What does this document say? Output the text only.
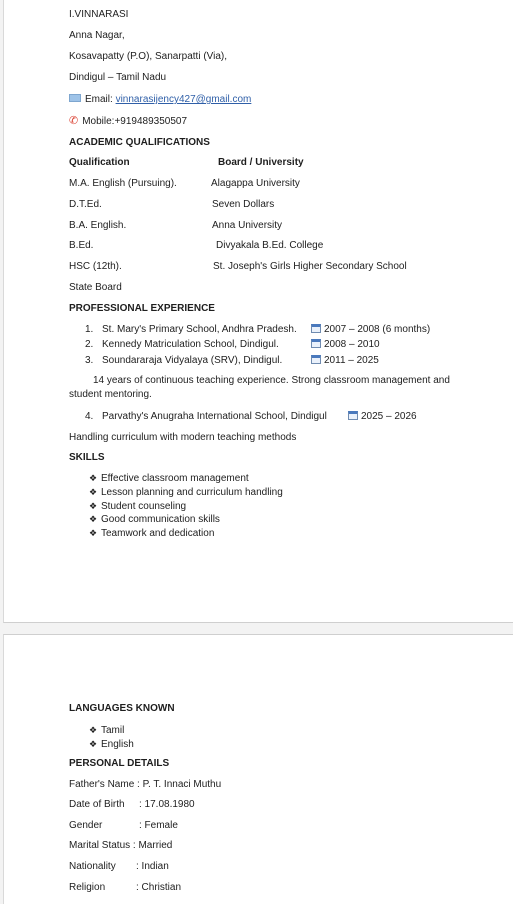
I.VINNARASI
Anna Nagar,
Kosavapatty (P.O), Sanarpatti (Via),
Dindigul – Tamil Nadu
Email: vinnarasijency427@gmail.com
✆ Mobile:+919489350507
ACADEMIC QUALIFICATIONS
Qualification	Board / University
M.A. English (Pursuing).	Alagappa University
D.T.Ed.	Seven Dollars
B.A. English.	Anna University
B.Ed.	Divyakala B.Ed. College
HSC (12th).	St. Joseph's Girls Higher Secondary School
State Board
PROFESSIONAL EXPERIENCE
1. St. Mary's Primary School, Andhra Pradesh.	2007 – 2008 (6 months)
2. Kennedy Matriculation School, Dindigul.	2008 – 2010
3. Soundararaja Vidyalaya (SRV), Dindigul.	2011 – 2025
14 years of continuous teaching experience. Strong classroom management and
student mentoring.
4. Parvathy's Anugraha International School, Dindigul	2025 – 2026
Handling curriculum with modern teaching methods
SKILLS
❖ Effective classroom management
❖ Lesson planning and curriculum handling
❖ Student counseling
❖ Good communication skills
❖ Teamwork and dedication
LANGUAGES KNOWN
❖ Tamil
❖ English
PERSONAL DETAILS
Father's Name : P. T. Innaci Muthu
Date of Birth : 17.08.1980
Gender	: Female
Marital Status : Married
Nationality : Indian
Religion	: Christian
